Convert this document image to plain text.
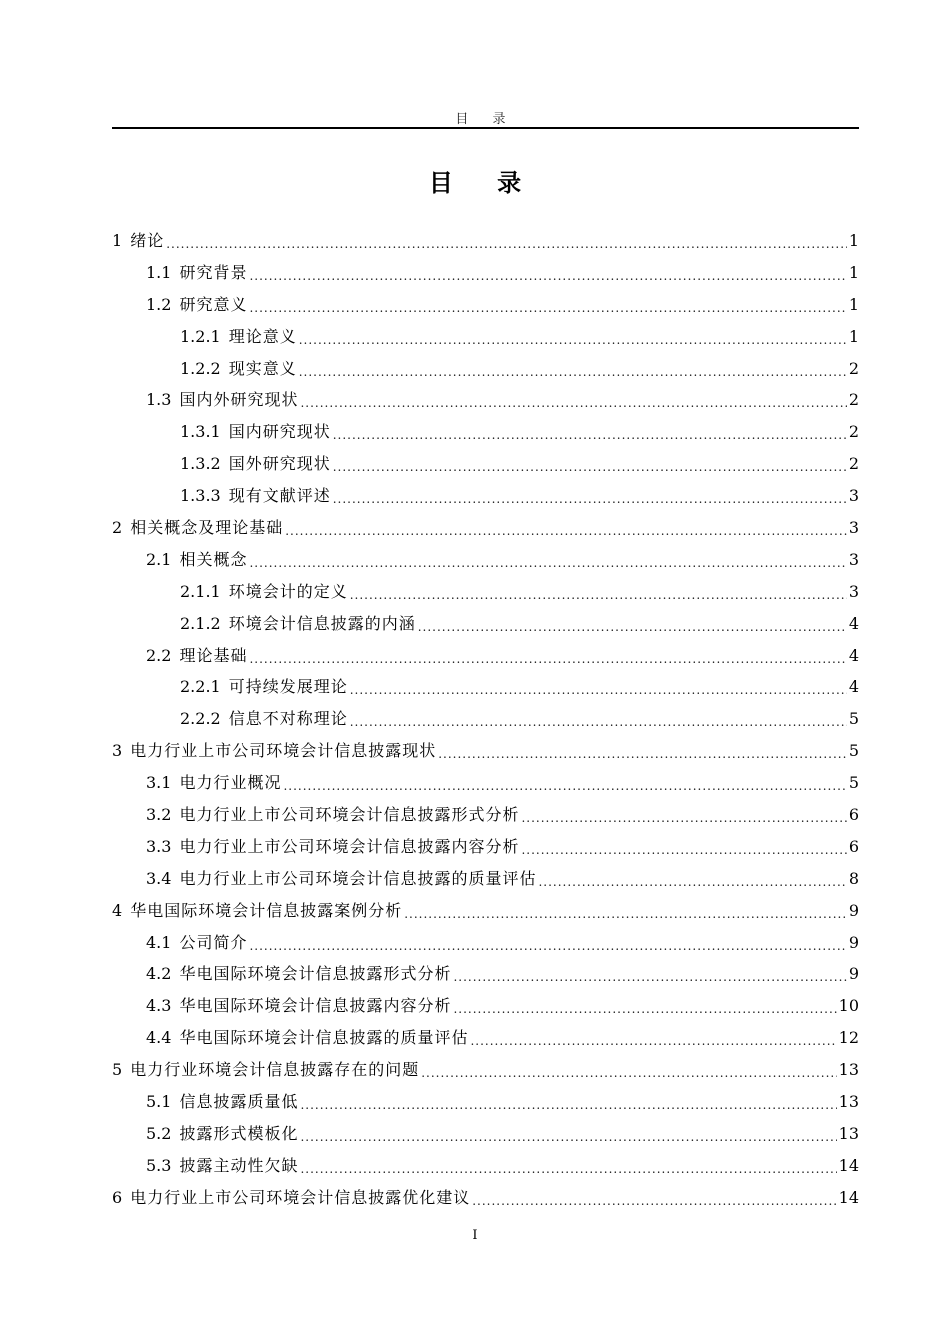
目 录
目 录
1 绪论 .....	1
1.1 研究背景 .....	1
1.2 研究意义 .....	1
1.2.1 理论意义 .....	1
1.2.2 现实意义 .....	2
1.3 国内外研究现状 .....	2
1.3.1 国内研究现状 .....	2
1.3.2 国外研究现状 .....	2
1.3.3 现有文献评述 .....	3
2 相关概念及理论基础 .....	3
2.1 相关概念 .....	3
2.1.1 环境会计的定义 .....	3
2.1.2 环境会计信息披露的内涵 .....	4
2.2 理论基础 .....	4
2.2.1 可持续发展理论 .....	4
2.2.2 信息不对称理论 .....	5
3 电力行业上市公司环境会计信息披露现状 .....	5
3.1 电力行业概况 .....	5
3.2 电力行业上市公司环境会计信息披露形式分析 .....	6
3.3 电力行业上市公司环境会计信息披露内容分析 .....	6
3.4 电力行业上市公司环境会计信息披露的质量评估 .....	8
4 华电国际环境会计信息披露案例分析 .....	9
4.1 公司简介 .....	9
4.2 华电国际环境会计信息披露形式分析 .....	9
4.3 华电国际环境会计信息披露内容分析 .....	10
4.4 华电国际环境会计信息披露的质量评估 .....	12
5 电力行业环境会计信息披露存在的问题 .....	13
5.1 信息披露质量低 .....	13
5.2 披露形式模板化 .....	13
5.3 披露主动性欠缺 .....	14
6 电力行业上市公司环境会计信息披露优化建议 .....	14
I
